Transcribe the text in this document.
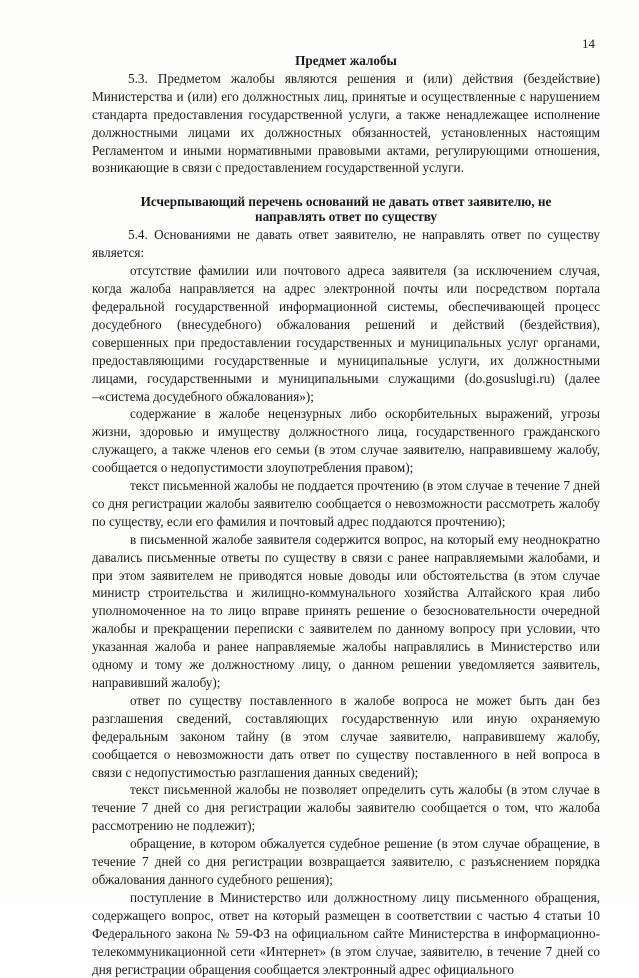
14

Предмет жалобы

5.3. Предметом жалобы являются решения и (или) действия (бездействие) Министерства и (или) его должностных лиц, принятые и осуществленные с нарушением стандарта предоставления государственной услуги, а также ненадлежащее исполнение должностными лицами их должностных обязанностей, установленных настоящим Регламентом и иными нормативными правовыми актами, регулирующими отношения, возникающие в связи с предоставлением государственной услуги.

Исчерпывающий перечень оснований не давать ответ заявителю, не направлять ответ по существу

5.4. Основаниями не давать ответ заявителю, не направлять ответ по существу является:

отсутствие фамилии или почтового адреса заявителя (за исключением случая, когда жалоба направляется на адрес электронной почты или посредством портала федеральной государственной информационной системы, обеспечивающей процесс досудебного (внесудебного) обжалования решений и действий (бездействия), совершенных при предоставлении государственных и муниципальных услуг органами, предоставляющими государственные и муниципальные услуги, их должностными лицами, государственными и муниципальными служащими (do.gosuslugi.ru) (далее –«система досудебного обжалования»);

содержание в жалобе нецензурных либо оскорбительных выражений, угрозы жизни, здоровью и имуществу должностного лица, государственного гражданского служащего, а также членов его семьи (в этом случае заявителю, направившему жалобу, сообщается о недопустимости злоупотребления правом);

текст письменной жалобы не поддается прочтению (в этом случае в течение 7 дней со дня регистрации жалобы заявителю сообщается о невозможности рассмотреть жалобу по существу, если его фамилия и почтовый адрес поддаются прочтению);

в письменной жалобе заявителя содержится вопрос, на который ему неоднократно давались письменные ответы по существу в связи с ранее направляемыми жалобами, и при этом заявителем не приводятся новые доводы или обстоятельства (в этом случае министр строительства и жилищно-коммунального хозяйства Алтайского края либо уполномоченное на то лицо вправе принять решение о безосновательности очередной жалобы и прекращении переписки с заявителем по данному вопросу при условии, что указанная жалоба и ранее направляемые жалобы направлялись в Министерство или одному и тому же должностному лицу, о данном решении уведомляется заявитель, направивший жалобу);

ответ по существу поставленного в жалобе вопроса не может быть дан без разглашения сведений, составляющих государственную или иную охраняемую федеральным законом тайну (в этом случае заявителю, направившему жалобу, сообщается о невозможности дать ответ по существу поставленного в ней вопроса в связи с недопустимостью разглашения данных сведений);

текст письменной жалобы не позволяет определить суть жалобы (в этом случае в течение 7 дней со дня регистрации жалобы заявителю сообщается о том, что жалоба рассмотрению не подлежит);

обращение, в котором обжалуется судебное решение (в этом случае обращение, в течение 7 дней со дня регистрации возвращается заявителю, с разъяснением порядка обжалования данного судебного решения);

поступление в Министерство или должностному лицу письменного обращения, содержащего вопрос, ответ на который размещен в соответствии с частью 4 статьи 10 Федерального закона № 59-ФЗ на официальном сайте Министерства в информационно-телекоммуникационной сети «Интернет» (в этом случае, заявителю, в течение 7 дней со дня регистрации обращения сообщается электронный адрес официального
